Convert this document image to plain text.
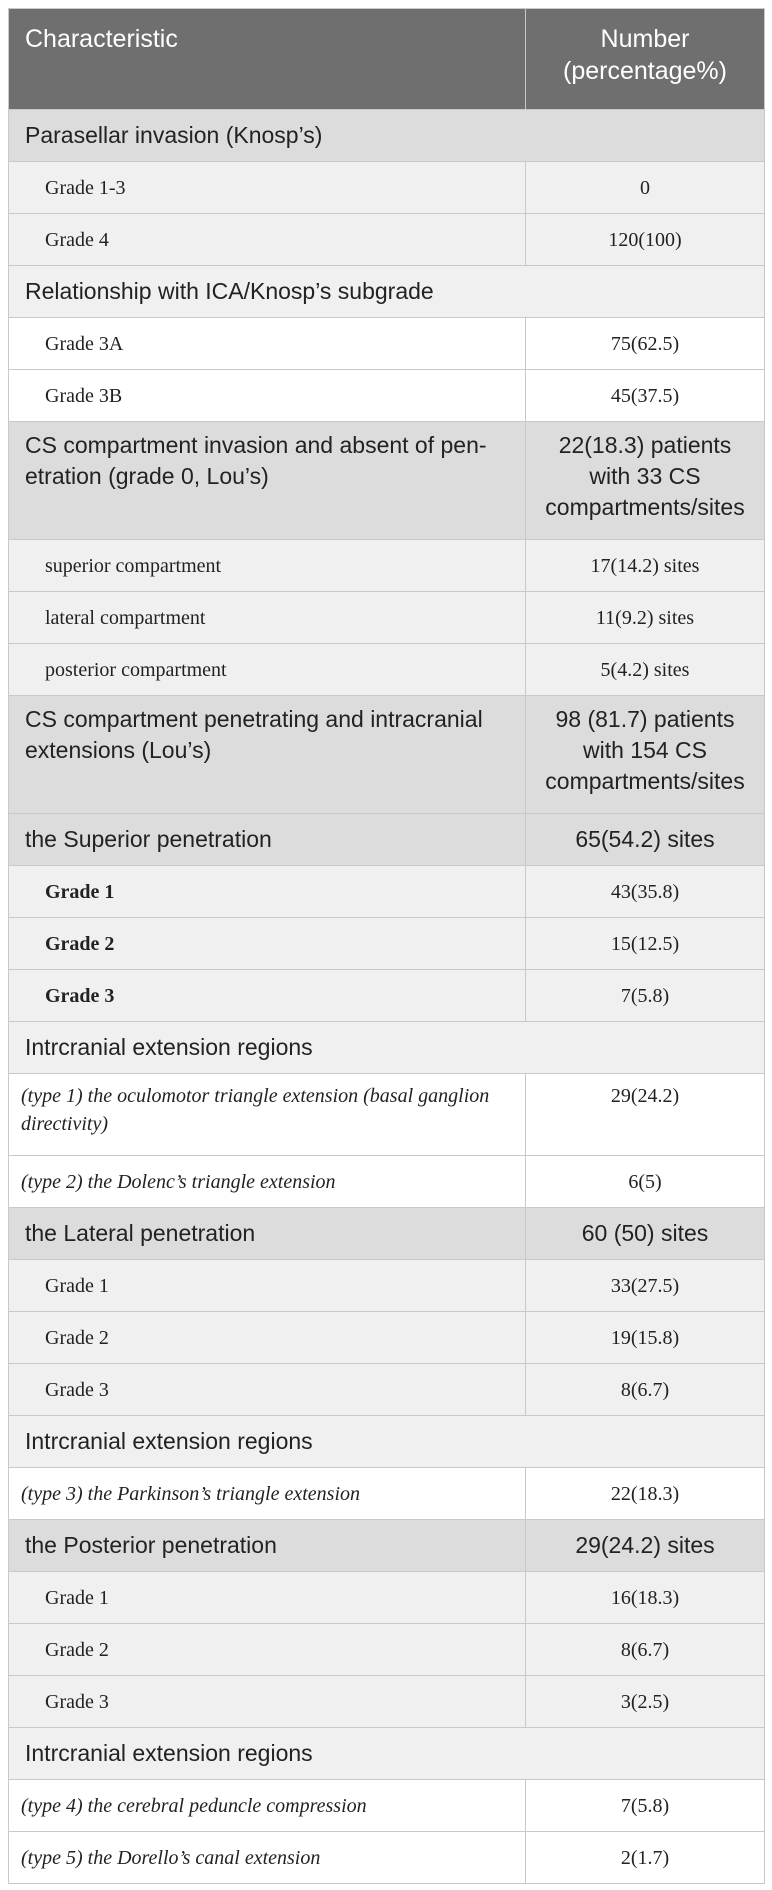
Characteristic	Number (percentage%)
Parasellar invasion (Knosp’s)	
Grade 1-3	0
Grade 4	120(100)
Relationship with ICA/Knosp’s subgrade	
Grade 3A	75(62.5)
Grade 3B	45(37.5)
CS compartment invasion and absent of pen-etration (grade 0, Lou’s)	22(18.3) patients with 33 CS compartments/sites
superior compartment	17(14.2) sites
lateral compartment	11(9.2) sites
posterior compartment	5(4.2) sites
CS compartment penetrating and intracranial extensions (Lou’s)	98 (81.7) patients with 154 CS compartments/sites
the Superior penetration	65(54.2) sites
Grade 1	43(35.8)
Grade 2	15(12.5)
Grade 3	7(5.8)
Intrcranial extension regions	
(type 1) the oculomotor triangle extension (basal ganglion directivity)	29(24.2)
(type 2) the Dolenc’s triangle extension	6(5)
the Lateral penetration	60 (50) sites
Grade 1	33(27.5)
Grade 2	19(15.8)
Grade 3	8(6.7)
Intrcranial extension regions	
(type 3) the Parkinson’s triangle extension	22(18.3)
the Posterior penetration	29(24.2) sites
Grade 1	16(18.3)
Grade 2	8(6.7)
Grade 3	3(2.5)
Intrcranial extension regions	
(type 4) the cerebral peduncle compression	7(5.8)
(type 5) the Dorello’s canal extension	2(1.7)
